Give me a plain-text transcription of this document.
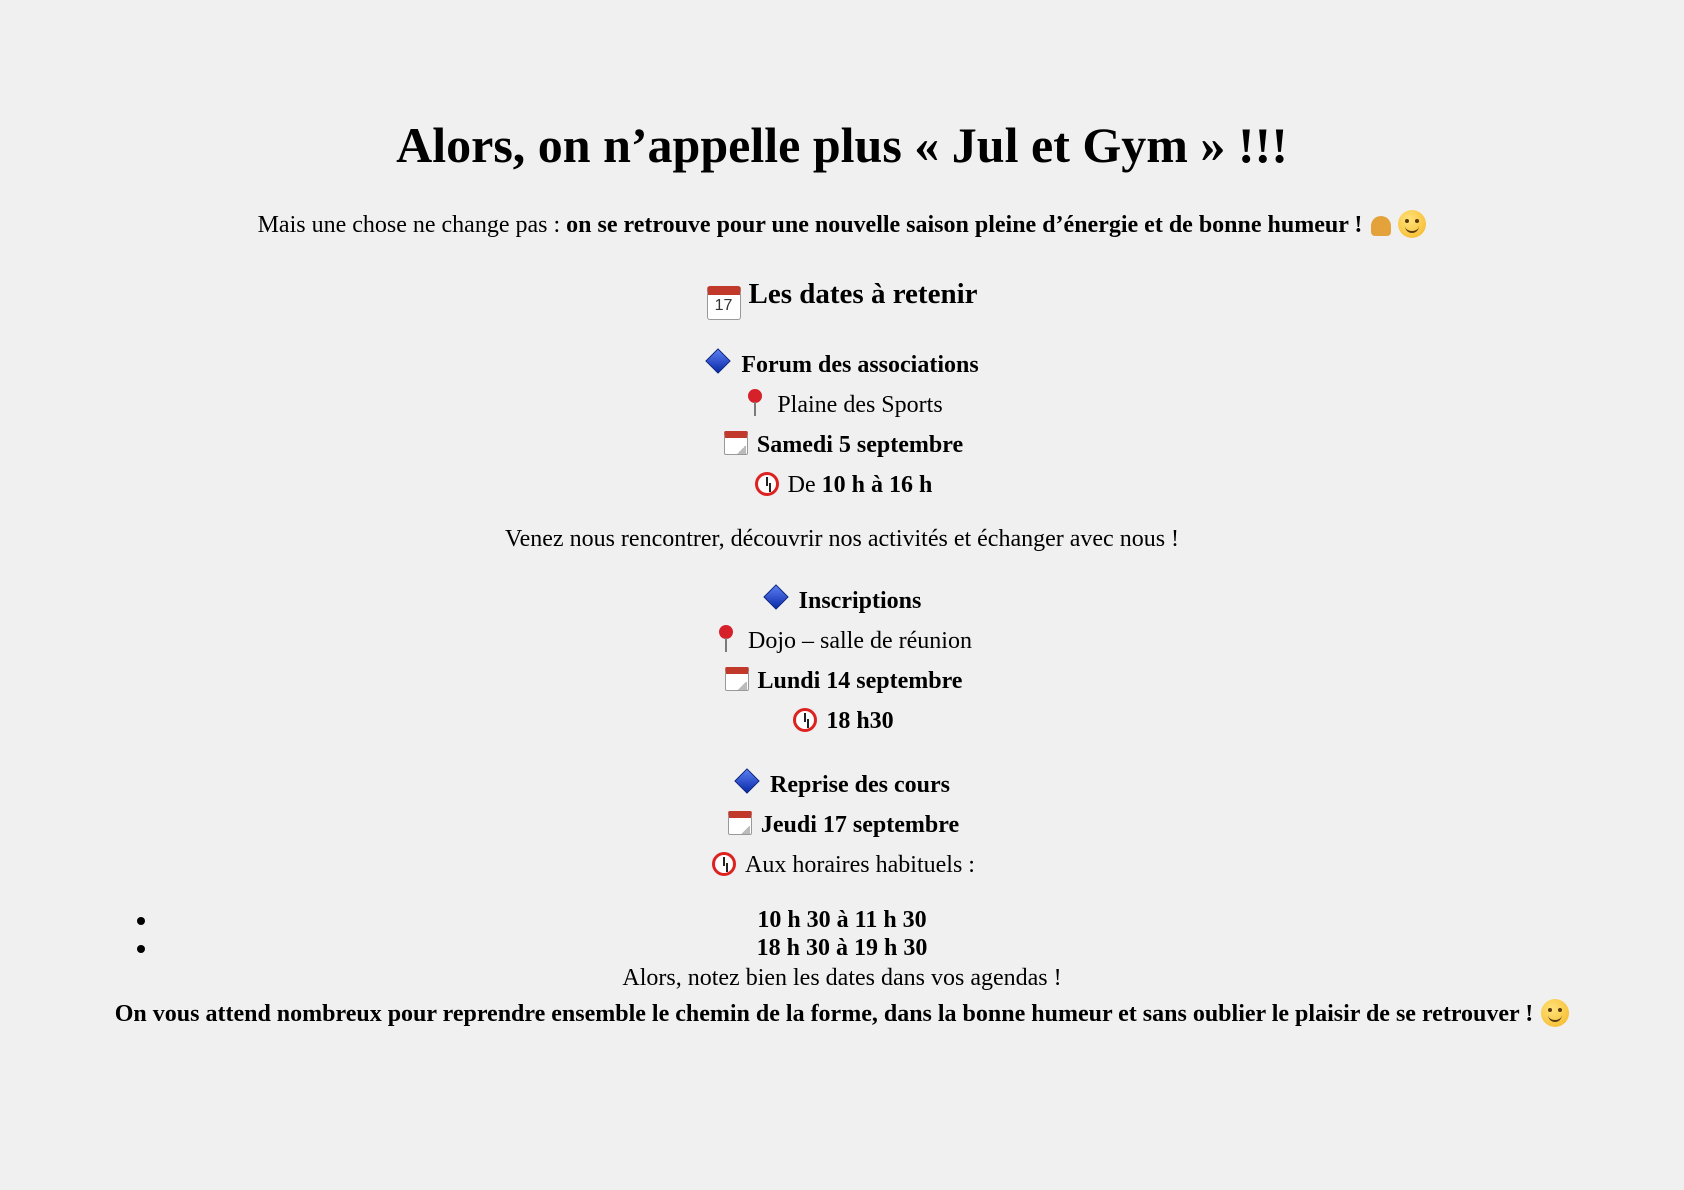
Alors, on n’appelle plus « Jul et Gym » !!!
Mais une chose ne change pas : on se retrouve pour une nouvelle saison pleine d’énergie et de bonne humeur !
17 Les dates à retenir
Forum des associations
Plaine des Sports
Samedi 5 septembre
De 10 h à 16 h
Venez nous rencontrer, découvrir nos activités et échanger avec nous !
Inscriptions
Dojo – salle de réunion
Lundi 14 septembre
18 h30
Reprise des cours
Jeudi 17 septembre
Aux horaires habituels :
10 h 30 à 11 h 30
18 h 30 à 19 h 30
Alors, notez bien les dates dans vos agendas !
On vous attend nombreux pour reprendre ensemble le chemin de la forme, dans la bonne humeur et sans oublier le plaisir de se retrouver !
